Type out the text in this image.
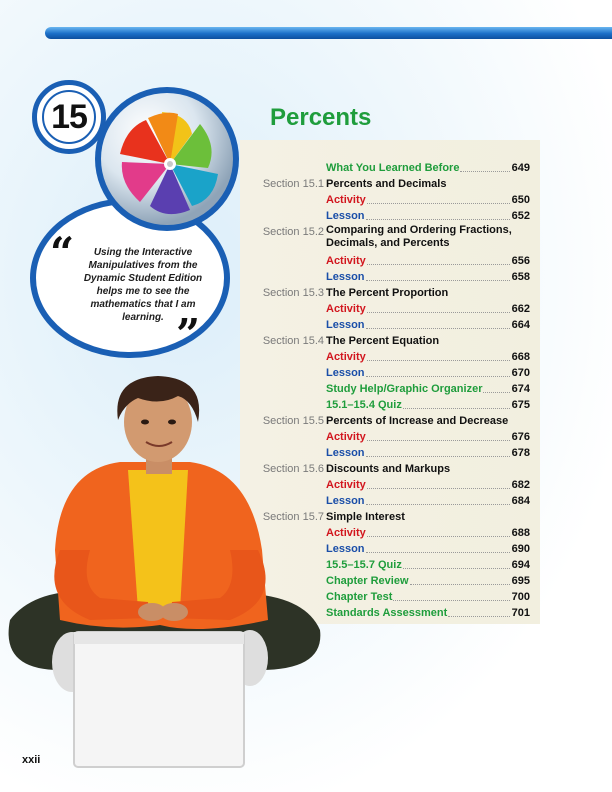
15
“	Using the Interactive Manipulatives from the Dynamic Student Edition helps me to see the mathematics that I am learning. ”
Percents
What You Learned Before	649
Section 15.1 Percents and Decimals
Activity	650
Lesson	652
Section 15.2 Comparing and Ordering Fractions, Decimals, and Percents
Activity	656
Lesson	658
Section 15.3 The Percent Proportion
Activity	662
Lesson	664
Section 15.4 The Percent Equation
Activity	668
Lesson	670
Study Help/Graphic Organizer	674
15.1–15.4 Quiz	675
Section 15.5 Percents of Increase and Decrease
Activity	676
Lesson	678
Section 15.6 Discounts and Markups
Activity	682
Lesson	684
Section 15.7 Simple Interest
Activity	688
Lesson	690
15.5–15.7 Quiz	694
Chapter Review	695
Chapter Test	700
Standards Assessment	701
xxii
